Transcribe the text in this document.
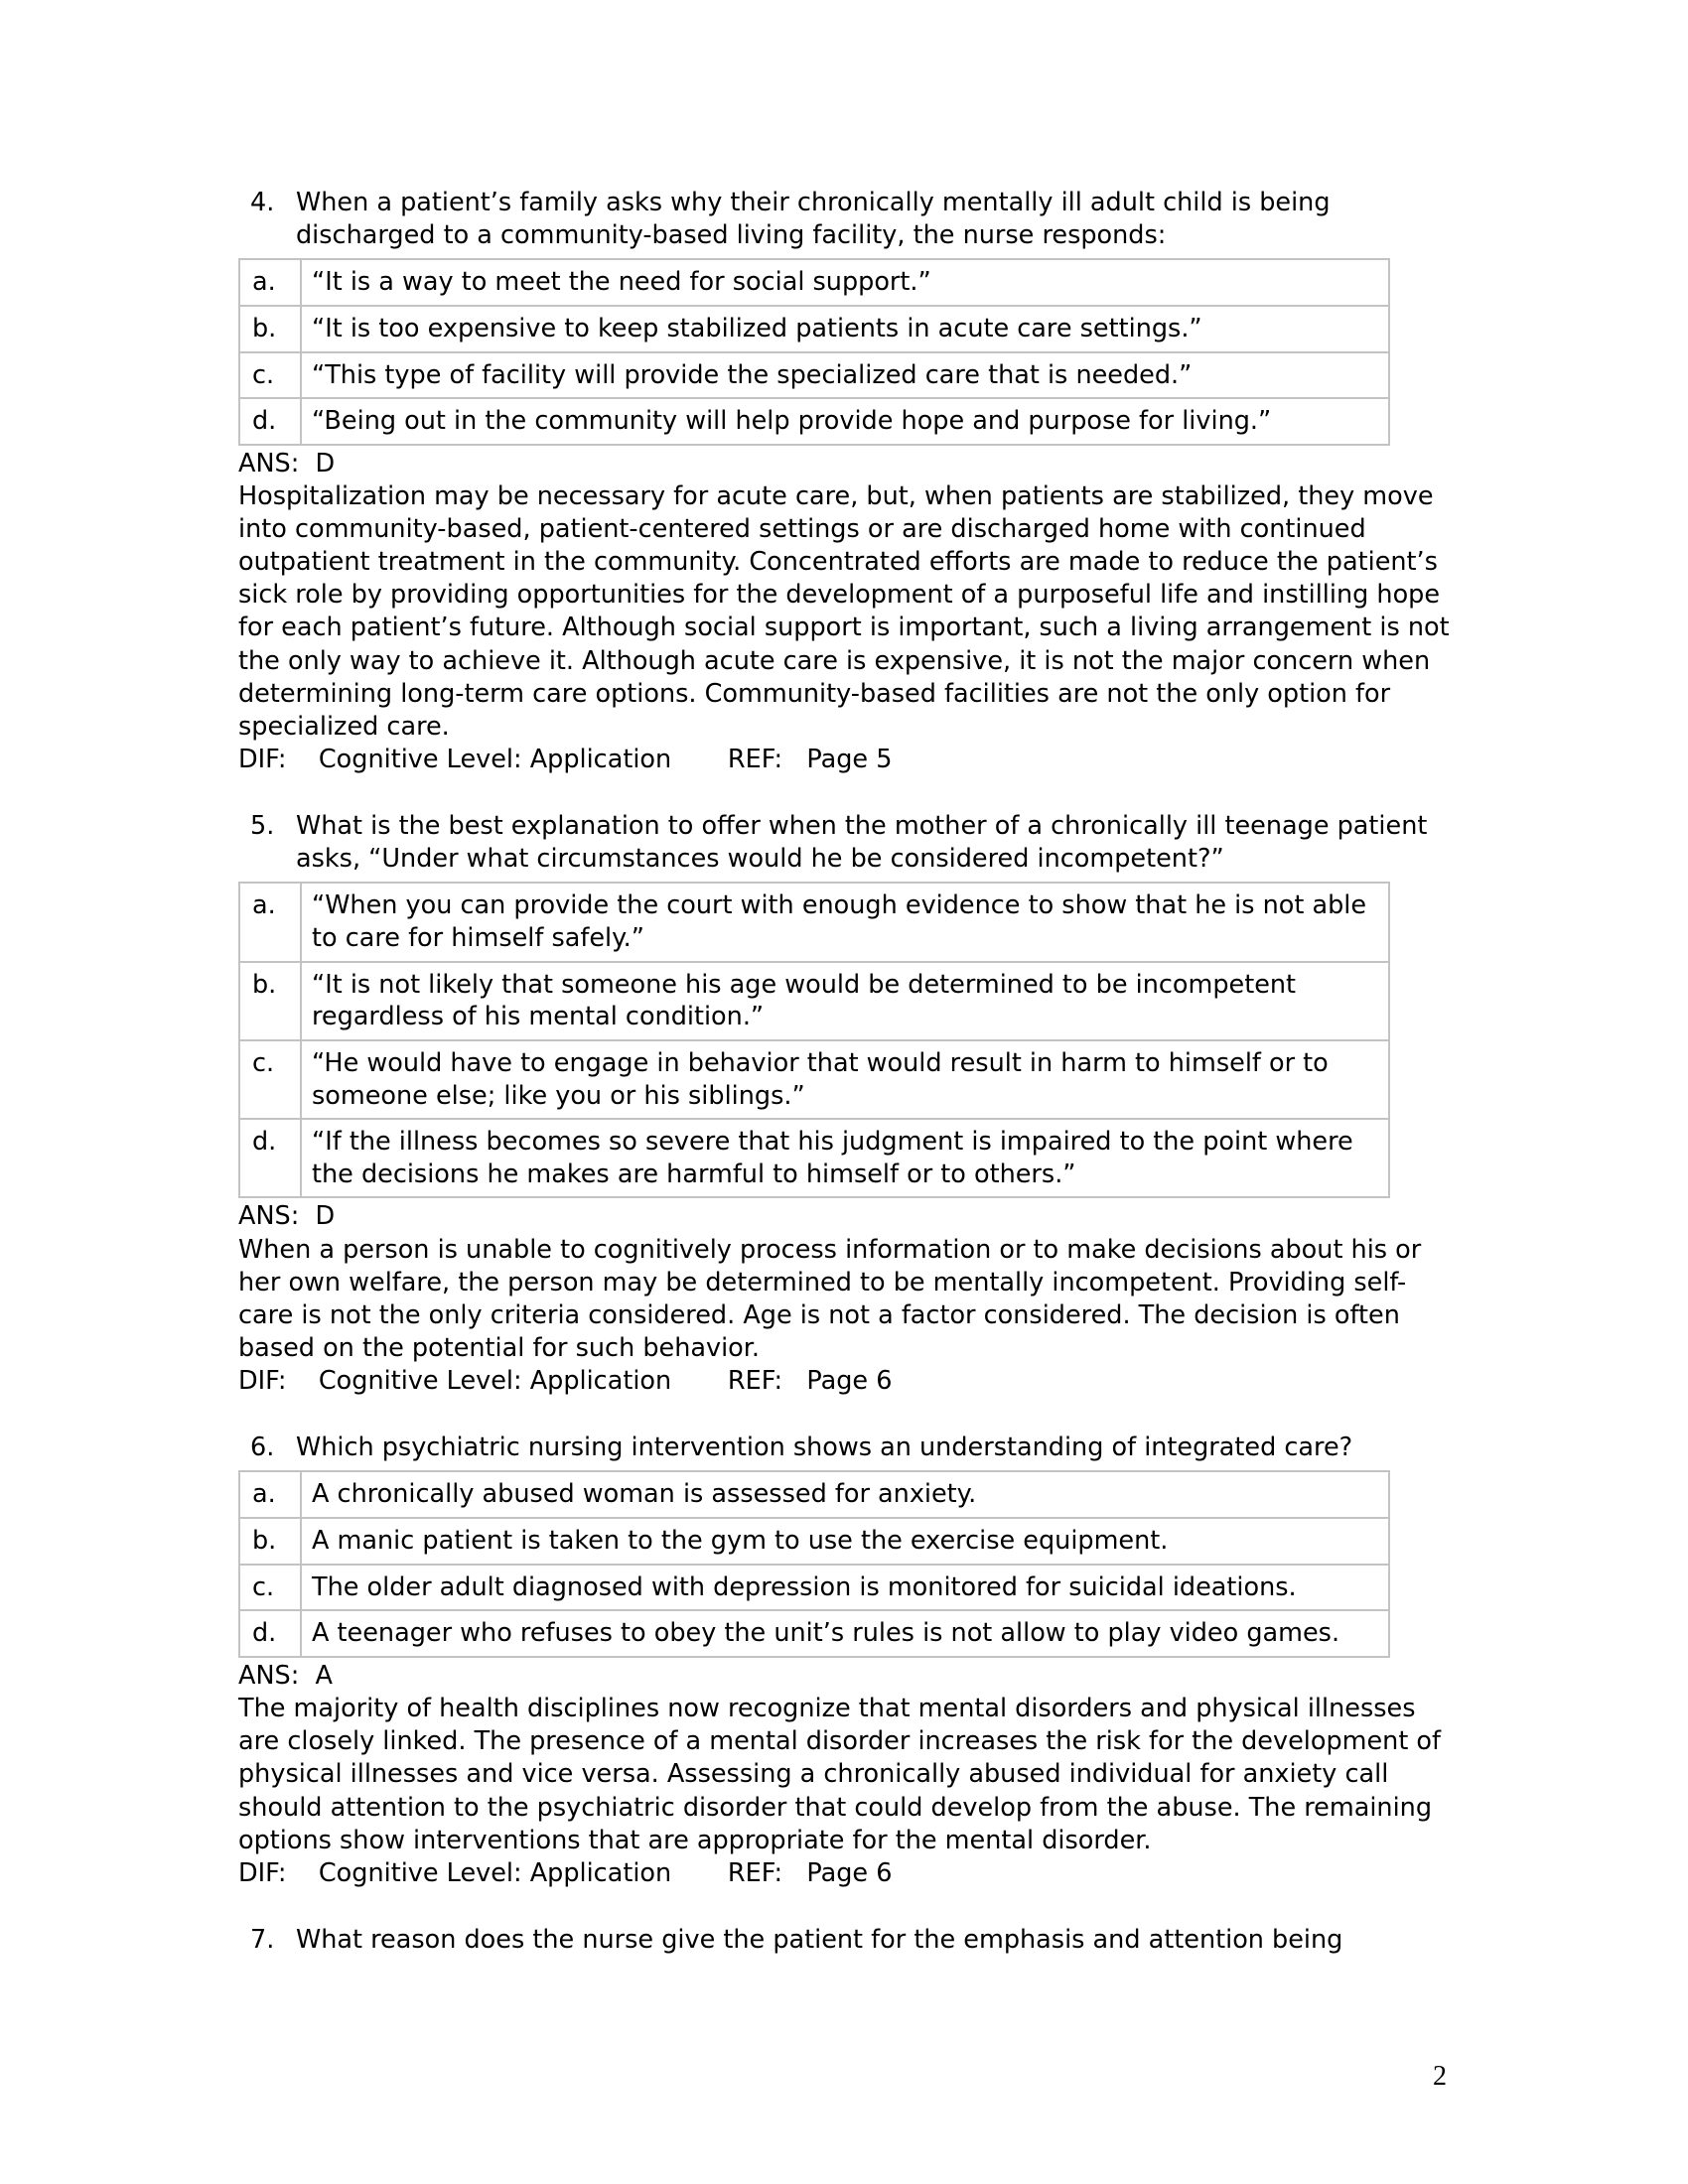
4. When a patient’s family asks why their chronically mentally ill adult child is being discharged to a community-based living facility, the nurse responds:
a.	“It is a way to meet the need for social support.”
b.	“It is too expensive to keep stabilized patients in acute care settings.”
c.	“This type of facility will provide the specialized care that is needed.”
d.	“Being out in the community will help provide hope and purpose for living.”
ANS: D

Hospitalization may be necessary for acute care, but, when patients are stabilized, they move into community-based, patient-centered settings or are discharged home with continued outpatient treatment in the community. Concentrated efforts are made to reduce the patient’s sick role by providing opportunities for the development of a purposeful life and instilling hope for each patient’s future. Although social support is important, such a living arrangement is not the only way to achieve it. Although acute care is expensive, it is not the major concern when determining long-term care options. Community-based facilities are not the only option for specialized care.

DIF: Cognitive Level: Application REF: Page 5
5. What is the best explanation to offer when the mother of a chronically ill teenage patient asks, “Under what circumstances would he be considered incompetent?”
a.	“When you can provide the court with enough evidence to show that he is not able to care for himself safely.”
b.	“It is not likely that someone his age would be determined to be incompetent regardless of his mental condition.”
c.	“He would have to engage in behavior that would result in harm to himself or to someone else; like you or his siblings.”
d.	“If the illness becomes so severe that his judgment is impaired to the point where the decisions he makes are harmful to himself or to others.”
ANS: D

When a person is unable to cognitively process information or to make decisions about his or her own welfare, the person may be determined to be mentally incompetent. Providing self-care is not the only criteria considered. Age is not a factor considered. The decision is often based on the potential for such behavior.

DIF: Cognitive Level: Application REF: Page 6
6. Which psychiatric nursing intervention shows an understanding of integrated care?
a.	A chronically abused woman is assessed for anxiety.
b.	A manic patient is taken to the gym to use the exercise equipment.
c.	The older adult diagnosed with depression is monitored for suicidal ideations.
d.	A teenager who refuses to obey the unit’s rules is not allow to play video games.
ANS: A

The majority of health disciplines now recognize that mental disorders and physical illnesses are closely linked. The presence of a mental disorder increases the risk for the development of physical illnesses and vice versa. Assessing a chronically abused individual for anxiety call should attention to the psychiatric disorder that could develop from the abuse. The remaining options show interventions that are appropriate for the mental disorder.

DIF: Cognitive Level: Application REF: Page 6
7. What reason does the nurse give the patient for the emphasis and attention being
2
